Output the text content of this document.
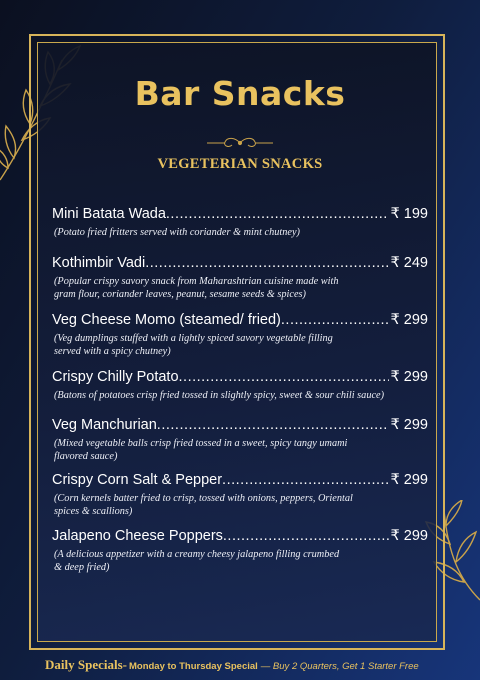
Bar Snacks
VEGETERIAN SNACKS
Mini Batata Wada .....	₹ 199
(Potato fried fritters served with coriander & mint chutney)
Kothimbir Vadi .....	₹ 249
(Popular crispy savory snack from Maharashtrian cuisine made with
gram flour, coriander leaves, peanut, sesame seeds & spices)
Veg Cheese Momo (steamed/ fried) .....	₹ 299
(Veg dumplings stuffed with a lightly spiced savory vegetable filling
served with a spicy chutney)
Crispy Chilly Potato .....	₹ 299
(Batons of potatoes crisp fried tossed in slightly spicy, sweet & sour chili sauce)
Veg Manchurian .....	₹ 299
(Mixed vegetable balls crisp fried tossed in a sweet, spicy tangy umami
flavored sauce)
Crispy Corn Salt & Pepper .....	₹ 299
(Corn kernels batter fried to crisp, tossed with onions, peppers, Oriental
spices & scallions)
Jalapeno Cheese Poppers .....	₹ 299
(A delicious appetizer with a creamy cheesy jalapeno filling crumbed
& deep fried)
Daily Specials- Monday to Thursday Special — Buy 2 Quarters, Get 1 Starter Free
